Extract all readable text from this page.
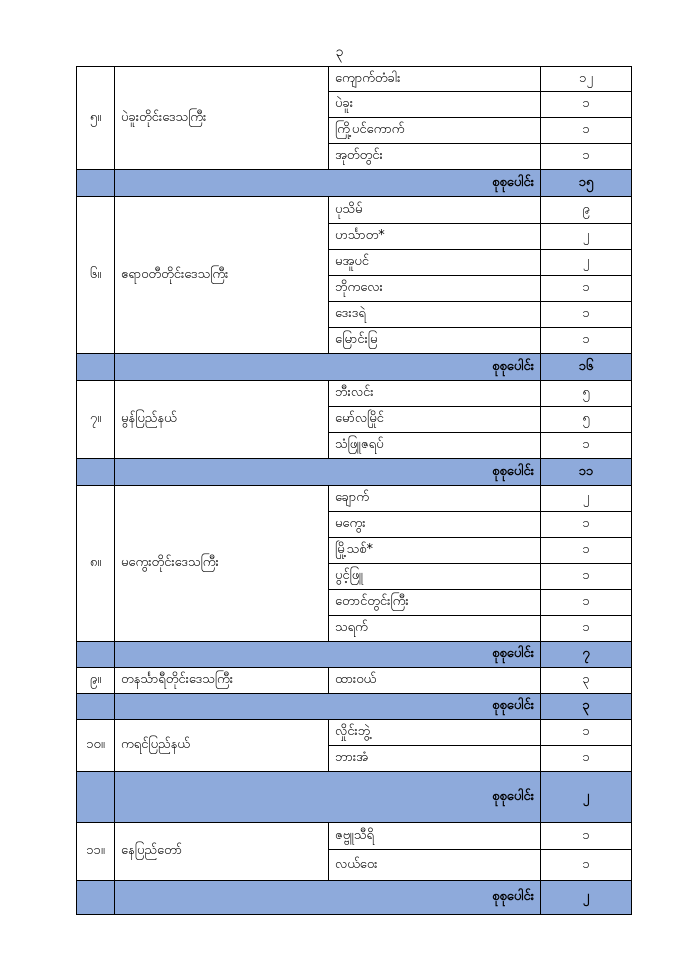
၃
၅။	ပဲခူးတိုင်းဒေသကြီး	ကျောက်တံခါး	၁၂
		ပဲခူး	၁
		ကြို့ပင်ကောက်	၁
		အုတ်တွင်း	၁
	စုစုပေါင်း		၁၅
၆။	ဧရာဝတီတိုင်းဒေသကြီး	ပုသိမ်	၉
		ဟင်္သာတ*	၂
		မအူပင်	၂
		ဘိုကလေး	၁
		ဒေးဒရဲ	၁
		မြောင်းမြ	၁
	စုစုပေါင်း		၁၆
၇။	မွန်ပြည်နယ်	ဘီးလင်း	၅
		မော်လမြိုင်	၅
		သံဖြူဇရပ်	၁
	စုစုပေါင်း		၁၁
၈။	မကွေးတိုင်းဒေသကြီး	ချောက်	၂
		မကွေး	၁
		မြို့သစ်*	၁
		ပွင့်ဖြူ	၁
		တောင်တွင်းကြီး	၁
		သရက်	၁
	စုစုပေါင်း		၇
၉။	တနင်္သာရီတိုင်းဒေသကြီး	ထားဝယ်	၃
	စုစုပေါင်း		၃
၁၀။	ကရင်ပြည်နယ်	လှိုင်းဘွဲ့	၁
		ဘားအံ	၁
	စုစုပေါင်း		၂
၁၁။	နေပြည်တော်	ဇဗ္ဗူသီရိ	၁
		လယ်ဝေး	၁
	စုစုပေါင်း		၂
